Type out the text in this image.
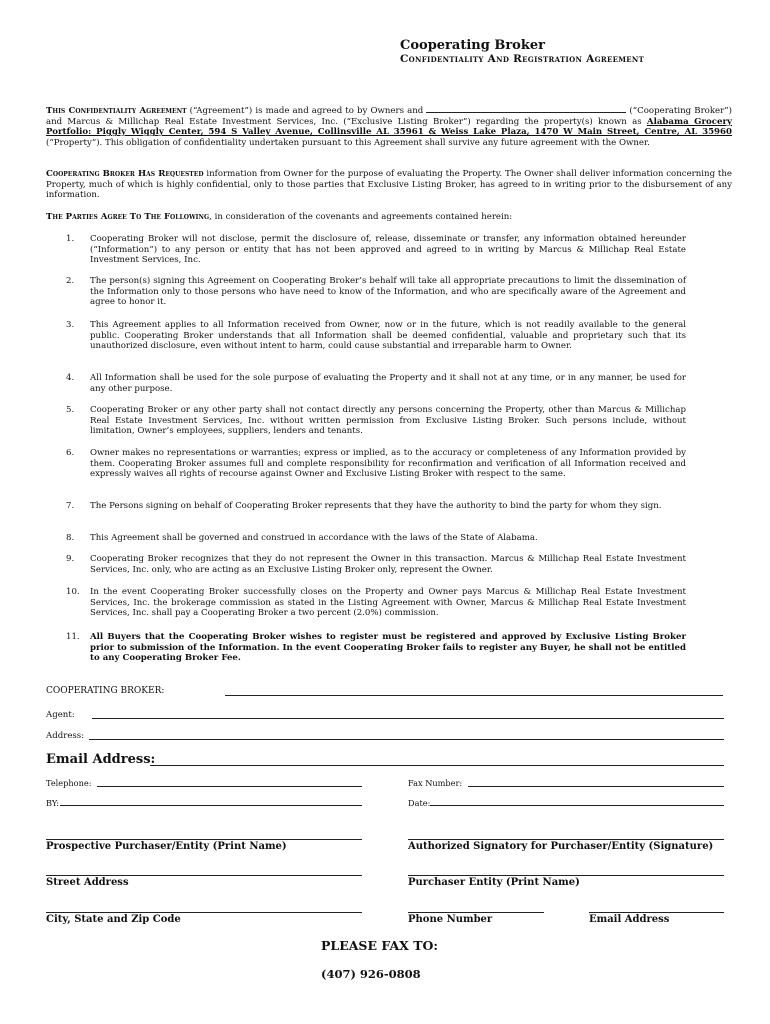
Cooperating Broker
Confidentiality And Registration Agreement
This Confidentiality Agreement (“Agreement”) is made and agreed to by Owners and	(“Cooperating Broker”) and Marcus & Millichap Real Estate Investment Services, Inc. (“Exclusive Listing Broker”) regarding the property(s) known as Alabama Grocery Portfolio: Piggly Wiggly Center, 594 S Valley Avenue, Collinsville AL 35961 & Weiss Lake Plaza, 1470 W Main Street, Centre, AL 35960 (“Property”). This obligation of confidentiality undertaken pursuant to this Agreement shall survive any future agreement with the Owner.
Cooperating Broker Has Requested information from Owner for the purpose of evaluating the Property. The Owner shall deliver information concerning the Property, much of which is highly confidential, only to those parties that Exclusive Listing Broker, has agreed to in writing prior to the disbursement of any information.
The Parties Agree To The Following, in consideration of the covenants and agreements contained herein:
1. Cooperating Broker will not disclose, permit the disclosure of, release, disseminate or transfer, any information obtained hereunder (“Information”) to any person or entity that has not been approved and agreed to in writing by Marcus & Millichap Real Estate Investment Services, Inc.
2. The person(s) signing this Agreement on Cooperating Broker’s behalf will take all appropriate precautions to limit the dissemination of the Information only to those persons who have need to know of the Information, and who are specifically aware of the Agreement and agree to honor it.
3. This Agreement applies to all Information received from Owner, now or in the future, which is not readily available to the general public. Cooperating Broker understands that all Information shall be deemed confidential, valuable and proprietary such that its unauthorized disclosure, even without intent to harm, could cause substantial and irreparable harm to Owner.
4. All Information shall be used for the sole purpose of evaluating the Property and it shall not at any time, or in any manner, be used for any other purpose.
5. Cooperating Broker or any other party shall not contact directly any persons concerning the Property, other than Marcus & Millichap Real Estate Investment Services, Inc. without written permission from Exclusive Listing Broker. Such persons include, without limitation, Owner’s employees, suppliers, lenders and tenants.
6. Owner makes no representations or warranties; express or implied, as to the accuracy or completeness of any Information provided by them. Cooperating Broker assumes full and complete responsibility for reconfirmation and verification of all Information received and expressly waives all rights of recourse against Owner and Exclusive Listing Broker with respect to the same.
7. The Persons signing on behalf of Cooperating Broker represents that they have the authority to bind the party for whom they sign.
8. This Agreement shall be governed and construed in accordance with the laws of the State of Alabama.
9. Cooperating Broker recognizes that they do not represent the Owner in this transaction. Marcus & Millichap Real Estate Investment Services, Inc. only, who are acting as an Exclusive Listing Broker only, represent the Owner.
10. In the event Cooperating Broker successfully closes on the Property and Owner pays Marcus & Millichap Real Estate Investment Services, Inc. the brokerage commission as stated in the Listing Agreement with Owner, Marcus & Millichap Real Estate Investment Services, Inc. shall pay a Cooperating Broker a two percent (2.0%) commission.
11. All Buyers that the Cooperating Broker wishes to register must be registered and approved by Exclusive Listing Broker prior to submission of the Information. In the event Cooperating Broker fails to register any Buyer, he shall not be entitled to any Cooperating Broker Fee.
COOPERATING BROKER:
Agent:
Address:
Email Address:
Telephone:	Fax Number:
BY:	Date:
Prospective Purchaser/Entity (Print Name)	Authorized Signatory for Purchaser/Entity (Signature)
Street Address	Purchaser Entity (Print Name)
City, State and Zip Code	Phone Number	Email Address
PLEASE FAX TO:
(407) 926-0808
